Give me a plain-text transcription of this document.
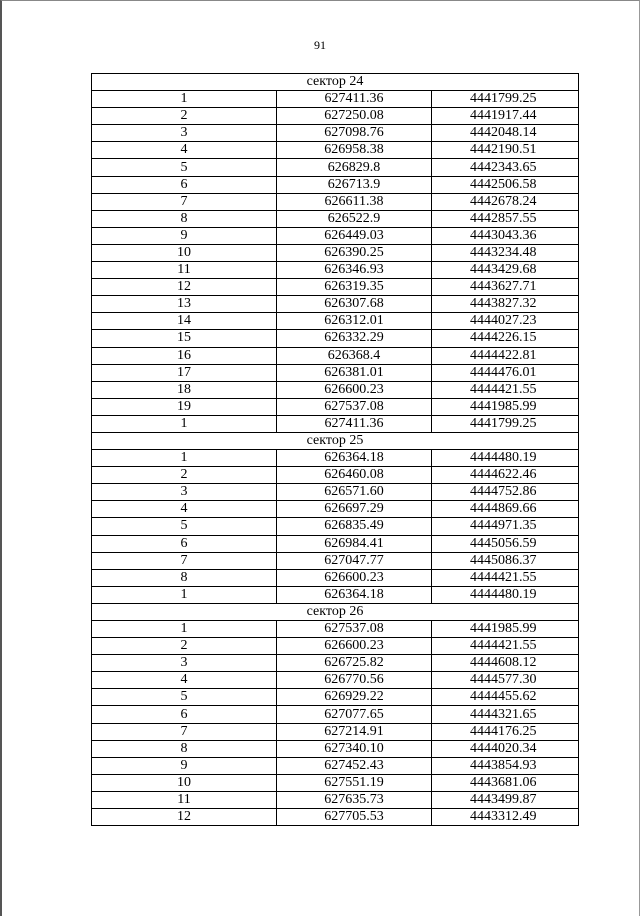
91
сектор 24		
1	627411.36	4441799.25
2	627250.08	4441917.44
3	627098.76	4442048.14
4	626958.38	4442190.51
5	626829.8	4442343.65
6	626713.9	4442506.58
7	626611.38	4442678.24
8	626522.9	4442857.55
9	626449.03	4443043.36
10	626390.25	4443234.48
11	626346.93	4443429.68
12	626319.35	4443627.71
13	626307.68	4443827.32
14	626312.01	4444027.23
15	626332.29	4444226.15
16	626368.4	4444422.81
17	626381.01	4444476.01
18	626600.23	4444421.55
19	627537.08	4441985.99
1	627411.36	4441799.25
сектор 25		
1	626364.18	4444480.19
2	626460.08	4444622.46
3	626571.60	4444752.86
4	626697.29	4444869.66
5	626835.49	4444971.35
6	626984.41	4445056.59
7	627047.77	4445086.37
8	626600.23	4444421.55
1	626364.18	4444480.19
сектор 26		
1	627537.08	4441985.99
2	626600.23	4444421.55
3	626725.82	4444608.12
4	626770.56	4444577.30
5	626929.22	4444455.62
6	627077.65	4444321.65
7	627214.91	4444176.25
8	627340.10	4444020.34
9	627452.43	4443854.93
10	627551.19	4443681.06
11	627635.73	4443499.87
12	627705.53	4443312.49
